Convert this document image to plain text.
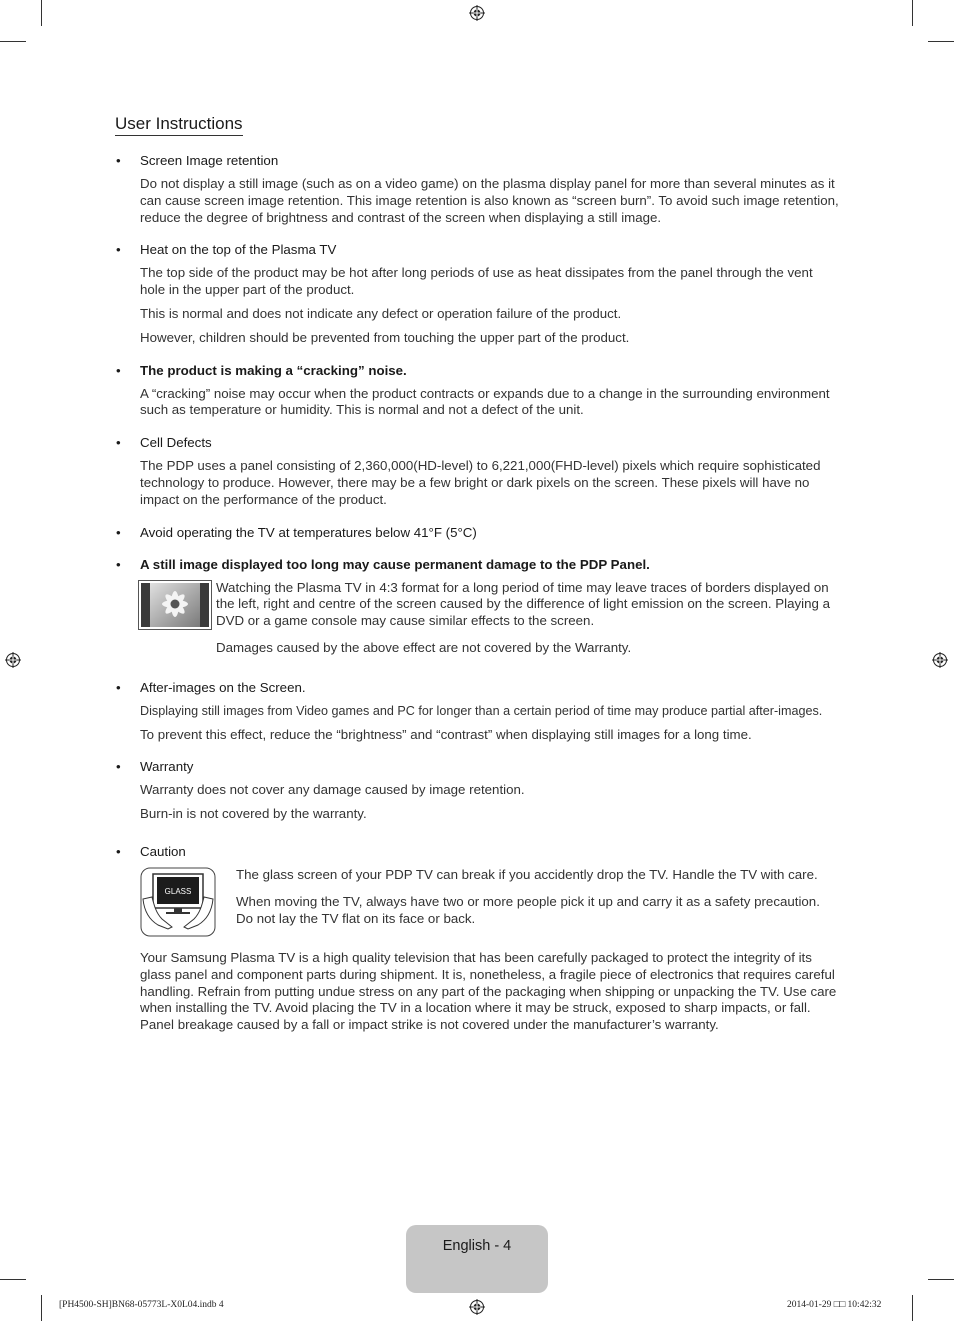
User Instructions
• Screen Image retention
Do not display a still image (such as on a video game) on the plasma display panel for more than several minutes as it can cause screen image retention. This image retention is also known as “screen burn”. To avoid such image retention, reduce the degree of brightness and contrast of the screen when displaying a still image.
• Heat on the top of the Plasma TV
The top side of the product may be hot after long periods of use as heat dissipates from the panel through the vent hole in the upper part of the product.
This is normal and does not indicate any defect or operation failure of the product.
However, children should be prevented from touching the upper part of the product.
• The product is making a “cracking” noise.
A “cracking” noise may occur when the product contracts or expands due to a change in the surrounding environment such as temperature or humidity. This is normal and not a defect of the unit.
• Cell Defects
The PDP uses a panel consisting of 2,360,000(HD-level) to 6,221,000(FHD-level) pixels which require sophisticated technology to produce. However, there may be a few bright or dark pixels on the screen. These pixels will have no impact on the performance of the product.
• Avoid operating the TV at temperatures below 41°F (5°C)
• A still image displayed too long may cause permanent damage to the PDP Panel.
Watching the Plasma TV in 4:3 format for a long period of time may leave traces of borders displayed on the left, right and centre of the screen caused by the difference of light emission on the screen. Playing a DVD or a game console may cause similar effects to the screen.
Damages caused by the above effect are not covered by the Warranty.
• After-images on the Screen.
Displaying still images from Video games and PC for longer than a certain period of time may produce partial after-images.
To prevent this effect, reduce the “brightness” and “contrast” when displaying still images for a long time.
• Warranty
Warranty does not cover any damage caused by image retention.
Burn-in is not covered by the warranty.
• Caution
GLASS
The glass screen of your PDP TV can break if you accidently drop the TV. Handle the TV with care.
When moving the TV, always have two or more people pick it up and carry it as a safety precaution. Do not lay the TV flat on its face or back.
Your Samsung Plasma TV is a high quality television that has been carefully packaged to protect the integrity of its glass panel and component parts during shipment. It is, nonetheless, a fragile piece of electronics that requires careful handling. Refrain from putting undue stress on any part of the packaging when shipping or unpacking the TV. Use care when installing the TV. Avoid placing the TV in a location where it may be struck, exposed to sharp impacts, or fall. Panel breakage caused by a fall or impact strike is not covered under the manufacturer’s warranty.
English - 4
[PH4500-SH]BN68-05773L-X0L04.indb 4	2014-01-29 □□ 10:42:32
